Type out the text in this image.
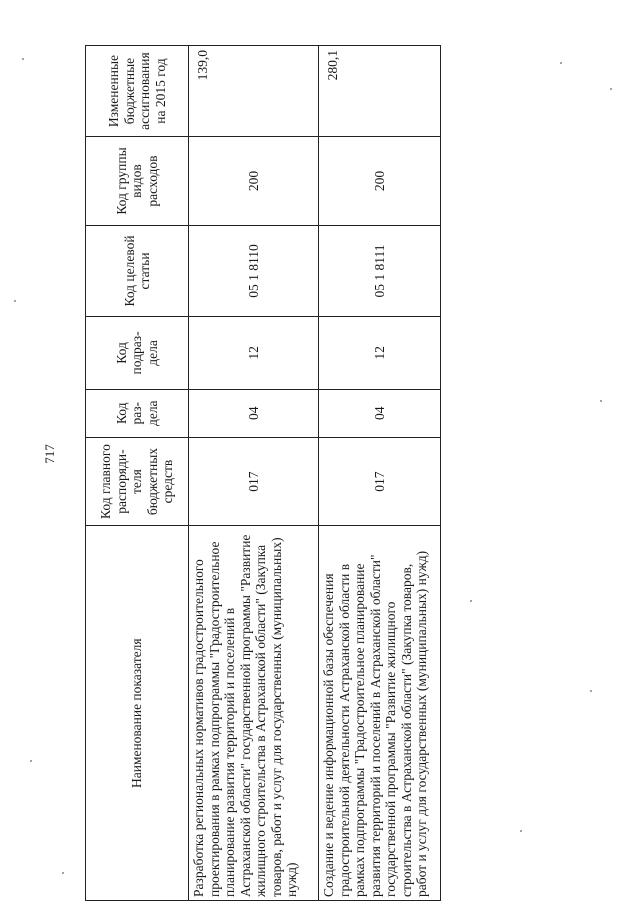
717
Наименование показателя	Код главного распоряди-теля бюджетных средств	Код раз-дела	Код подраз-дела	Код целевой статьи	Код группы видов расходов	Измененные бюджетные ассигнования на 2015 год
Разработка региональных нормативов градостроительного проектирования в рамках подпрограммы "Градостроительное планирование развития территорий и поселений в Астраханской области" государственной программы "Развитие жилищного строительства в Астраханской области" (Закупка товаров, работ и услуг для государственных (муниципальных) нужд)	017	04	12	05 1 8110	200	139,0
Создание и ведение информационной базы обеспечения градостроительной деятельности Астраханской области в рамках подпрограммы "Градостроительное планирование развития территорий и поселений в Астраханской области" государственной программы "Развитие жилищного строительства в Астраханской области" (Закупка товаров, работ и услуг для государственных (муниципальных) нужд)	017	04	12	05 1 8111	200	280,1
